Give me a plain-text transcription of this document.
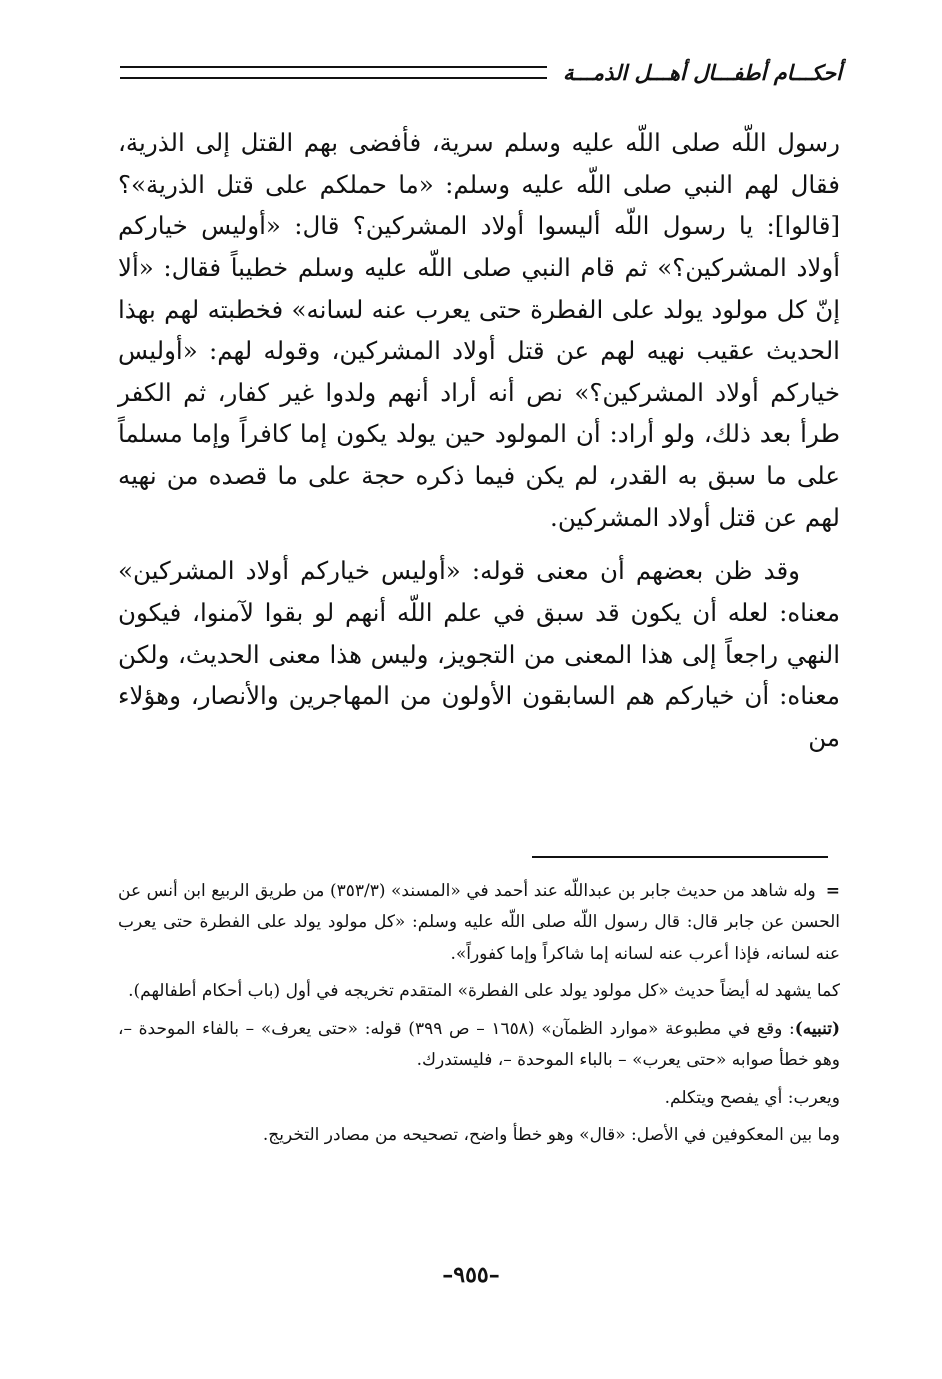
أحكـــام أطفـــال أهـــل الذمـــة

رسول اللّه صلى اللّه عليه وسلم سرية، فأفضى بهم القتل إلى الذرية، فقال لهم النبي صلى اللّه عليه وسلم: «ما حملكم على قتل الذرية»؟ [قالوا]: يا رسول اللّه أليسوا أولاد المشركين؟ قال: «أوليس خياركم أولاد المشركين؟» ثم قام النبي صلى اللّه عليه وسلم خطيباً فقال: «ألا إنّ كل مولود يولد على الفطرة حتى يعرب عنه لسانه» فخطبته لهم بهذا الحديث عقيب نهيه لهم عن قتل أولاد المشركين، وقوله لهم: «أوليس خياركم أولاد المشركين؟» نص أنه أراد أنهم ولدوا غير كفار، ثم الكفر طرأ بعد ذلك، ولو أراد: أن المولود حين يولد يكون إما كافراً وإما مسلماً على ما سبق به القدر، لم يكن فيما ذكره حجة على ما قصده من نهيه لهم عن قتل أولاد المشركين.

وقد ظن بعضهم أن معنى قوله: «أوليس خياركم أولاد المشركين» معناه: لعله أن يكون قد سبق في علم اللّه أنهم لو بقوا لآمنوا، فيكون النهي راجعاً إلى هذا المعنى من التجويز، وليس هذا معنى الحديث، ولكن معناه: أن خياركم هم السابقون الأولون من المهاجرين والأنصار، وهؤلاء من

=وله شاهد من حديث جابر بن عبداللّه عند أحمد في «المسند» (٣٥٣/٣) من طريق الربيع ابن أنس عن الحسن عن جابر قال: قال رسول اللّه صلى اللّه عليه وسلم: «كل مولود يولد على الفطرة حتى يعرب عنه لسانه، فإذا أعرب عنه لسانه إما شاكراً وإما كفوراً».

كما يشهد له أيضاً حديث «كل مولود يولد على الفطرة» المتقدم تخريجه في أول (باب أحكام أطفالهم).

(تنبيه): وقع في مطبوعة «موارد الظمآن» (١٦٥٨ – ص ٣٩٩) قوله: «حتى يعرف» – بالفاء الموحدة –، وهو خطأ صوابه «حتى يعرب» – بالباء الموحدة –، فليستدرك.

ويعرب: أي يفصح ويتكلم.

وما بين المعكوفين في الأصل: «قال» وهو خطأ واضح، تصحيحه من مصادر التخريج.

–٩٥٥–
